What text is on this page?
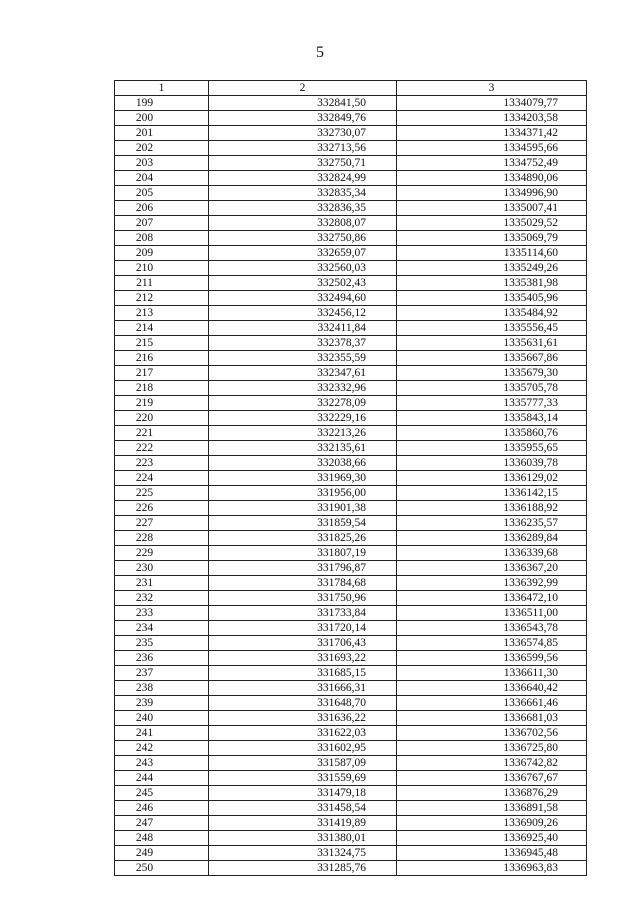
5
1	2	3
199	332841,50	1334079,77
200	332849,76	1334203,58
201	332730,07	1334371,42
202	332713,56	1334595,66
203	332750,71	1334752,49
204	332824,99	1334890,06
205	332835,34	1334996,90
206	332836,35	1335007,41
207	332808,07	1335029,52
208	332750,86	1335069,79
209	332659,07	1335114,60
210	332560,03	1335249,26
211	332502,43	1335381,98
212	332494,60	1335405,96
213	332456,12	1335484,92
214	332411,84	1335556,45
215	332378,37	1335631,61
216	332355,59	1335667,86
217	332347,61	1335679,30
218	332332,96	1335705,78
219	332278,09	1335777,33
220	332229,16	1335843,14
221	332213,26	1335860,76
222	332135,61	1335955,65
223	332038,66	1336039,78
224	331969,30	1336129,02
225	331956,00	1336142,15
226	331901,38	1336188,92
227	331859,54	1336235,57
228	331825,26	1336289,84
229	331807,19	1336339,68
230	331796,87	1336367,20
231	331784,68	1336392,99
232	331750,96	1336472,10
233	331733,84	1336511,00
234	331720,14	1336543,78
235	331706,43	1336574,85
236	331693,22	1336599,56
237	331685,15	1336611,30
238	331666,31	1336640,42
239	331648,70	1336661,46
240	331636,22	1336681,03
241	331622,03	1336702,56
242	331602,95	1336725,80
243	331587,09	1336742,82
244	331559,69	1336767,67
245	331479,18	1336876,29
246	331458,54	1336891,58
247	331419,89	1336909,26
248	331380,01	1336925,40
249	331324,75	1336945,48
250	331285,76	1336963,83
